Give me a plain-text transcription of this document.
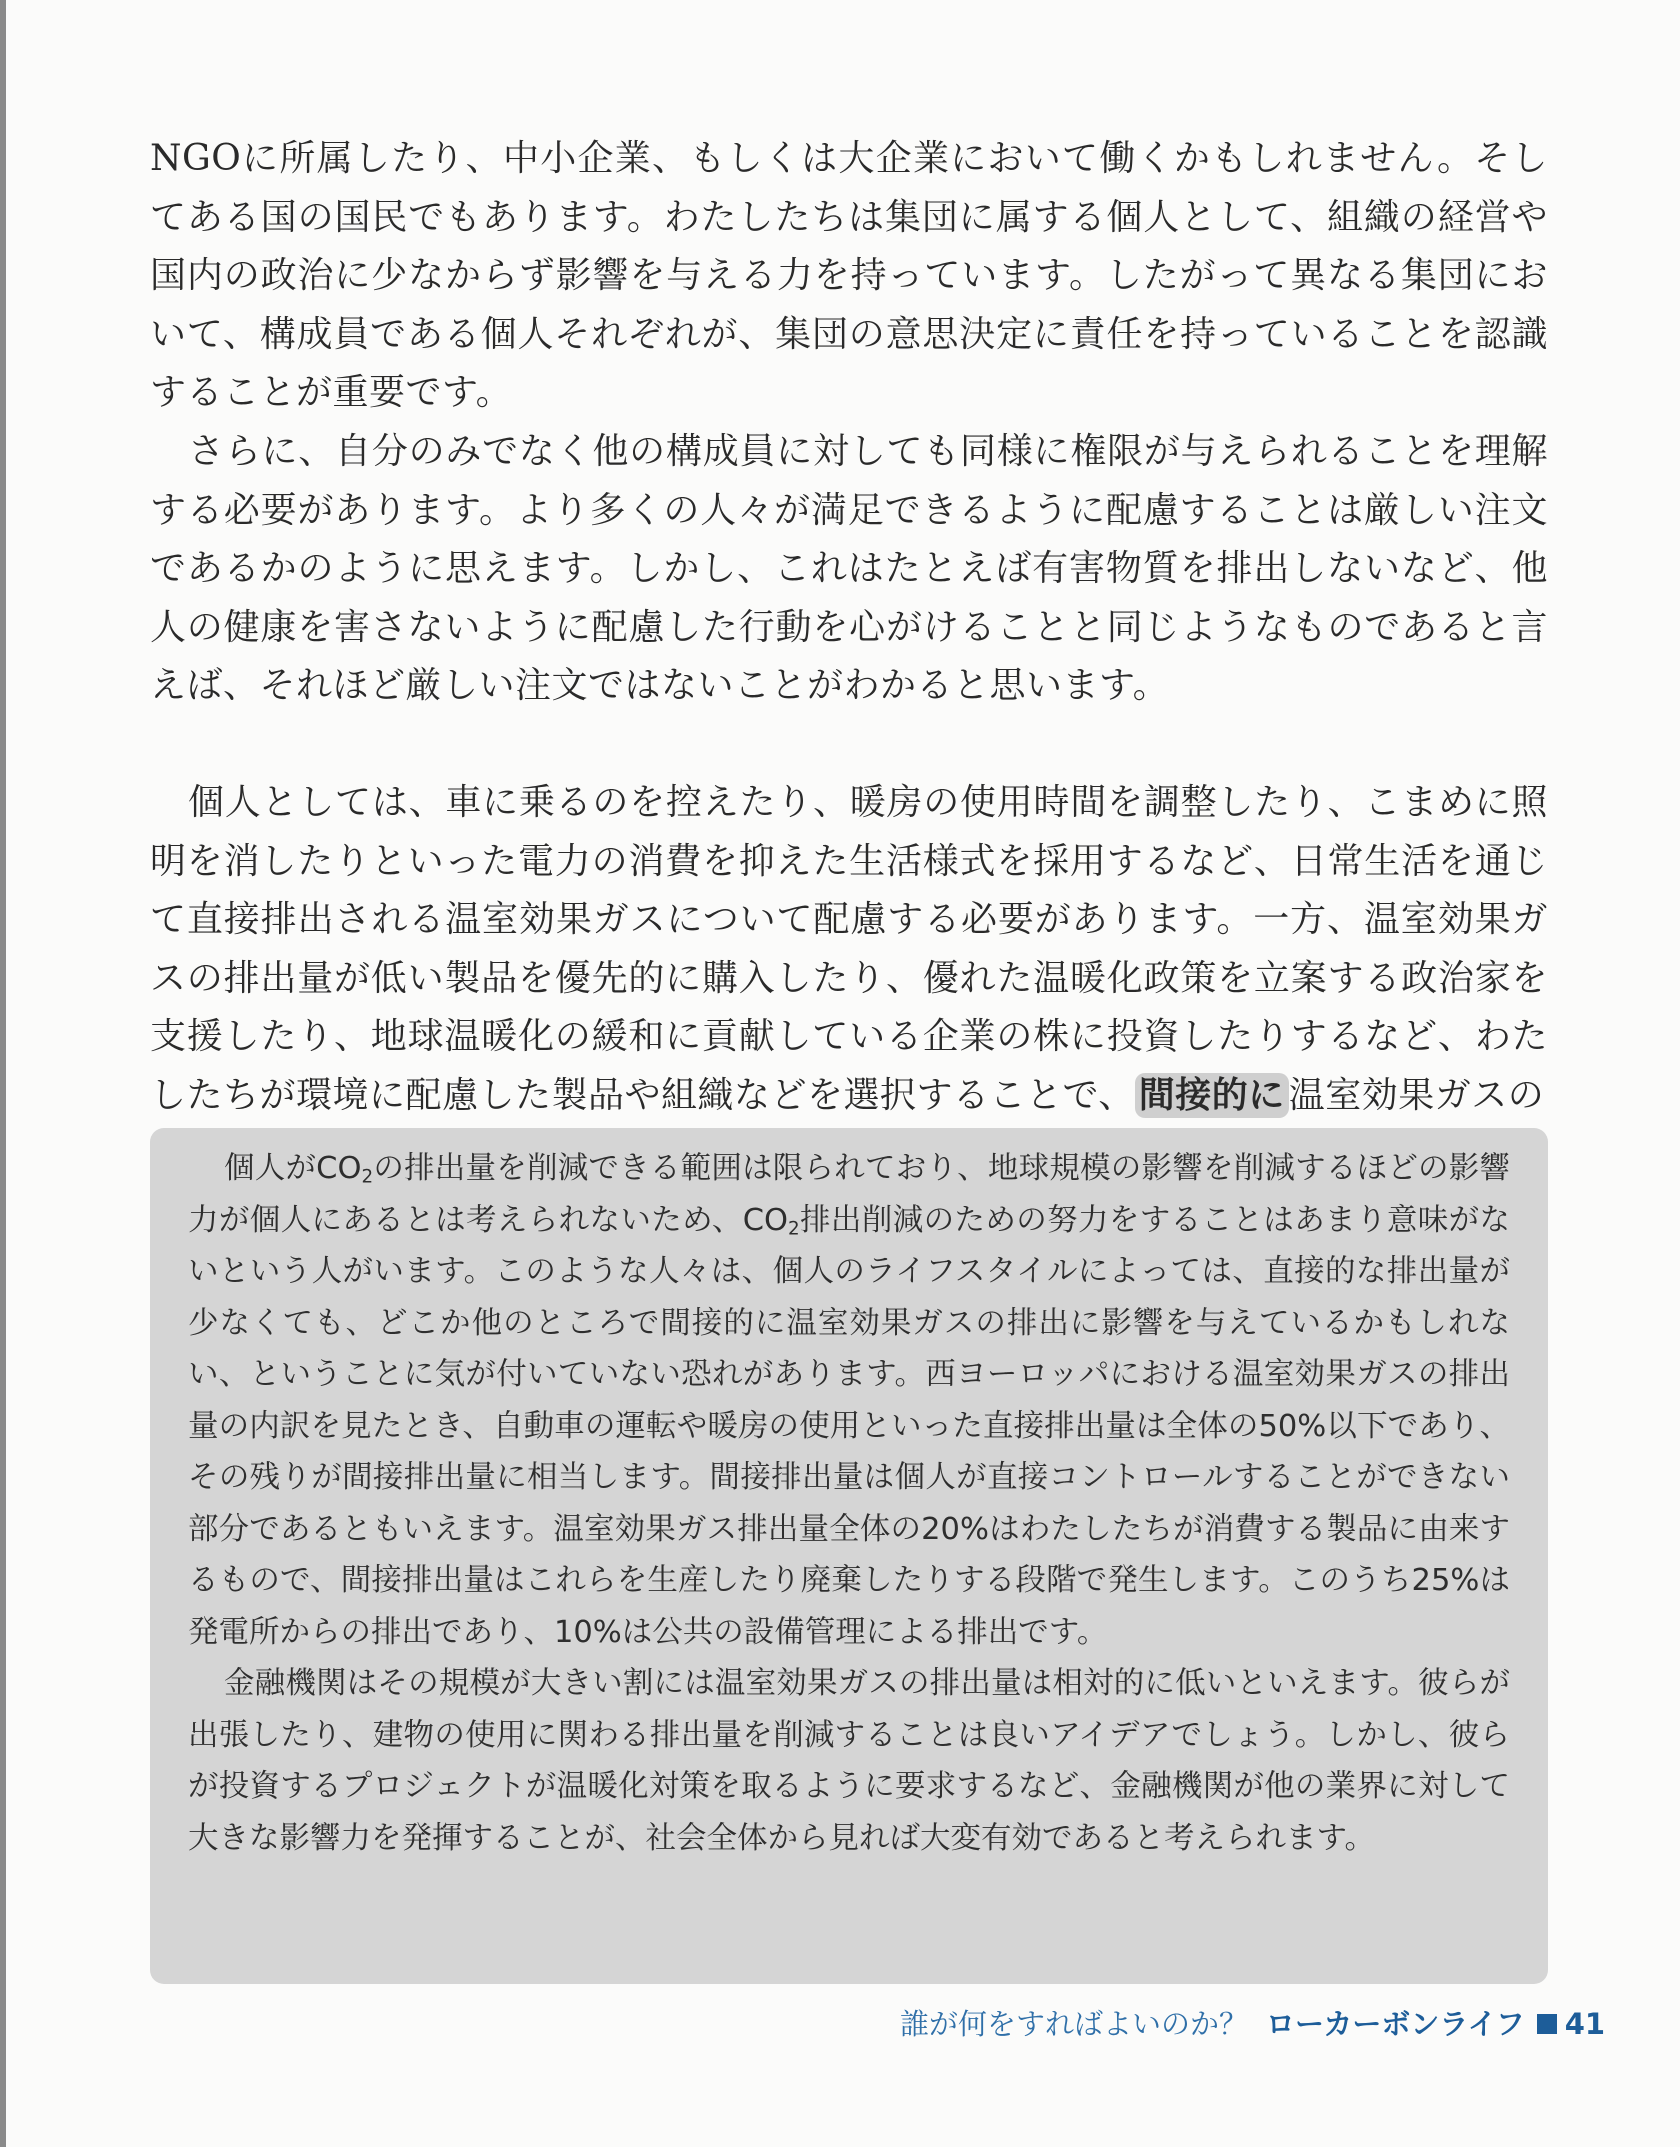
NGOに所属したり、中小企業、もしくは大企業において働くかもしれません。そしてある国の国民でもあります。わたしたちは集団に属する個人として、組織の経営や国内の政治に少なからず影響を与える力を持っています。したがって異なる集団において、構成員である個人それぞれが、集団の意思決定に責任を持っていることを認識することが重要です。

さらに、自分のみでなく他の構成員に対しても同様に権限が与えられることを理解する必要があります。より多くの人々が満足できるように配慮することは厳しい注文であるかのように思えます。しかし、これはたとえば有害物質を排出しないなど、他人の健康を害さないように配慮した行動を心がけることと同じようなものであると言えば、それほど厳しい注文ではないことがわかると思います。

個人としては、車に乗るのを控えたり、暖房の使用時間を調整したり、こまめに照明を消したりといった電力の消費を抑えた生活様式を採用するなど、日常生活を通じて直接排出される温室効果ガスについて配慮する必要があります。一方、温室効果ガスの排出量が低い製品を優先的に購入したり、優れた温暖化政策を立案する政治家を支援したり、地球温暖化の緩和に貢献している企業の株に投資したりするなど、わたしたちが環境に配慮した製品や組織などを選択することで、 間接的に 温室効果ガスの

個人が$CO_2$の排出量を削減できる範囲は限られており、地球規模の影響を削減するほどの影響力が個人にあるとは考えられないため、$CO_2$排出削減のための努力をすることはあまり意味がないという人がいます。このような人々は、個人のライフスタイルによっては、直接的な排出量が少なくても、どこか他のところで間接的に温室効果ガスの排出に影響を与えているかもしれない、ということに気が付いていない恐れがあります。西ヨーロッパにおける温室効果ガスの排出量の内訳を見たとき、自動車の運転や暖房の使用といった直接排出量は全体の50%以下であり、その残りが間接排出量に相当します。間接排出量は個人が直接コントロールすることができない部分であるともいえます。温室効果ガス排出量全体の20%はわたしたちが消費する製品に由来するもので、間接排出量はこれらを生産したり廃棄したりする段階で発生します。このうち25%は発電所からの排出であり、10%は公共の設備管理による排出です。

金融機関はその規模が大きい割には温室効果ガスの排出量は相対的に低いといえます。彼らが出張したり、建物の使用に関わる排出量を削減することは良いアイデアでしょう。しかし、彼らが投資するプロジェクトが温暖化対策を取るように要求するなど、金融機関が他の業界に対して大きな影響力を発揮することが、社会全体から見れば大変有効であると考えられます。

誰が何をすればよいのか？ ローカーボンライフ 41
